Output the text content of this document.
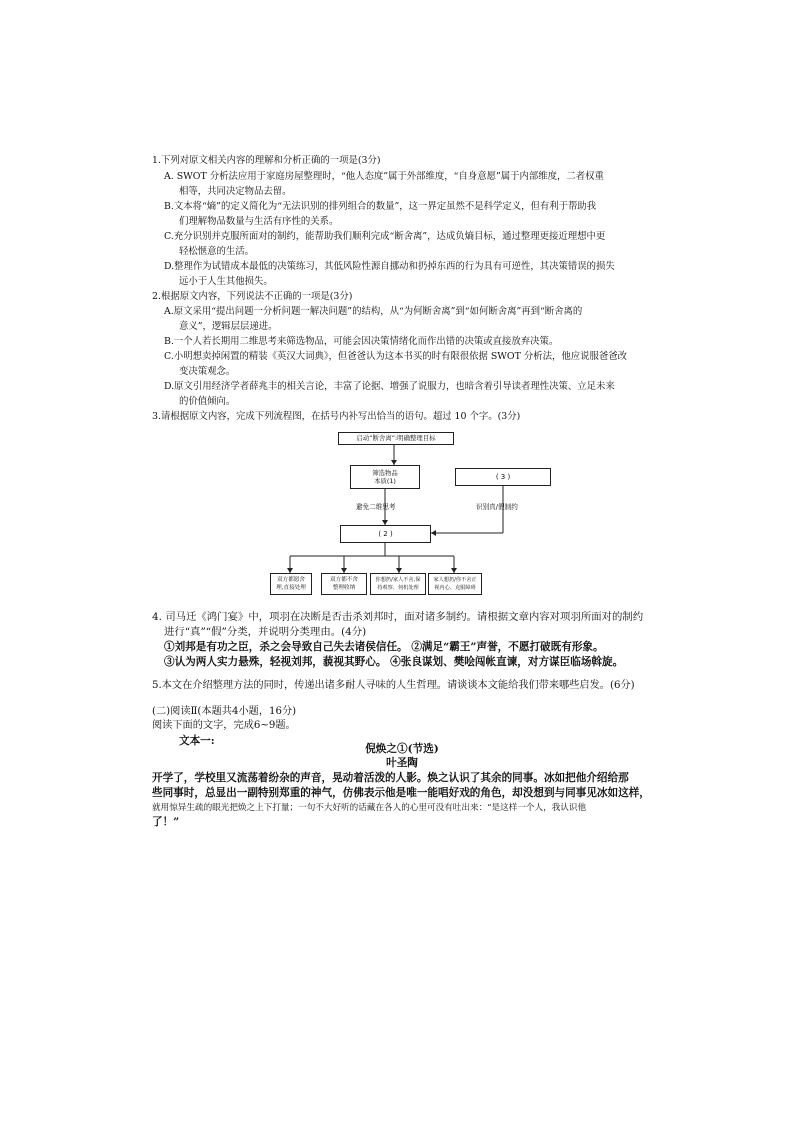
1.下列对原文相关内容的理解和分析正确的一项是(3分)
A. SWOT 分析法应用于家庭房屋整理时，“他人态度”属于外部维度，“自身意愿”属于内部维度，二者权重
相等，共同决定物品去留。
B.文本将“熵”的定义简化为“无法识别的排列组合的数量”，这一界定虽然不是科学定义，但有利于帮助我
们理解物品数量与生活有序性的关系。
C.充分识别并克服所面对的制约，能帮助我们顺利完成“断舍离”，达成负熵目标，通过整理更接近理想中更
轻松惬意的生活。
D.整理作为试错成本最低的决策练习，其低风险性源自挪动和扔掉东西的行为具有可逆性，其决策错误的损失
远小于人生其他损失。
2.根据原文内容，下列说法不正确的一项是(3分)
A.原文采用“提出问题一分析问题一解决问题”的结构，从“为何断舍离”到“如何断舍离”再到“断舍离的
意义”，逻辑层层递进。
B.一个人若长期用二维思考来筛选物品，可能会因决策情绪化而作出错的决策或直接放弃决策。
C.小明想卖掉闲置的精装《英汉大词典》，但爸爸认为这本书买的时有限很依据 SWOT 分析法，他应说服爸爸改
变决策观念。
D.原文引用经济学者薛兆丰的相关言论，丰富了论据、增强了说服力，也暗含着引导读者理性决策、立足未来
的价值倾向。
3.请根据原文内容，完成下列流程图，在括号内补写出恰当的语句。超过 10 个字。(3分)
启动“断舍离”:明确整理目标
筛选物品
本质(1)	( 3 )
避免二维思考	识别真/假制约
( 2 )
双方都愿舍
理,直接处理
双方都不舍
整理收纳
你想扔/家人不舍,保
持观察、伺机处理
家人想扔/你不舍正
视内心、克服障碍
4. 司马迁《鸿门宴》中，项羽在决断是否击杀刘邦时，面对诸多制约。请根据文章内容对项羽所面对的制约
进行“真”“假”分类，并说明分类理由。(4分)
①刘邦是有功之臣，杀之会导致自己失去诸侯信任。 ②满足“霸王”声誉，不愿打破既有形象。
③认为两人实力悬殊，轻视刘邦，藐视其野心。 ④张良谋划、樊哙闯帐直谏，对方谋臣临场斡旋。
5.本文在介绍整理方法的同时，传递出诸多耐人寻味的人生哲理。请谈谈本文能给我们带来哪些启发。(6分)
(二)阅读Ⅱ(本题共4小题，16分)
阅读下面的文字，完成6~9题。
文本一:
倪焕之①(节选)
叶圣陶
开学了，学校里又流荡着纷杂的声音，晃动着活泼的人影。焕之认识了其余的同事。冰如把他介绍给那
些同事时，总显出一副特别郑重的神气，仿佛表示他是唯一能唱好戏的角色，却没想到与同事见冰如这样，
就用惊异生疏的眼光把焕之上下打量；一句不大好听的话藏在各人的心里可没有吐出来：“是这样一个人，我认识他
了！”
